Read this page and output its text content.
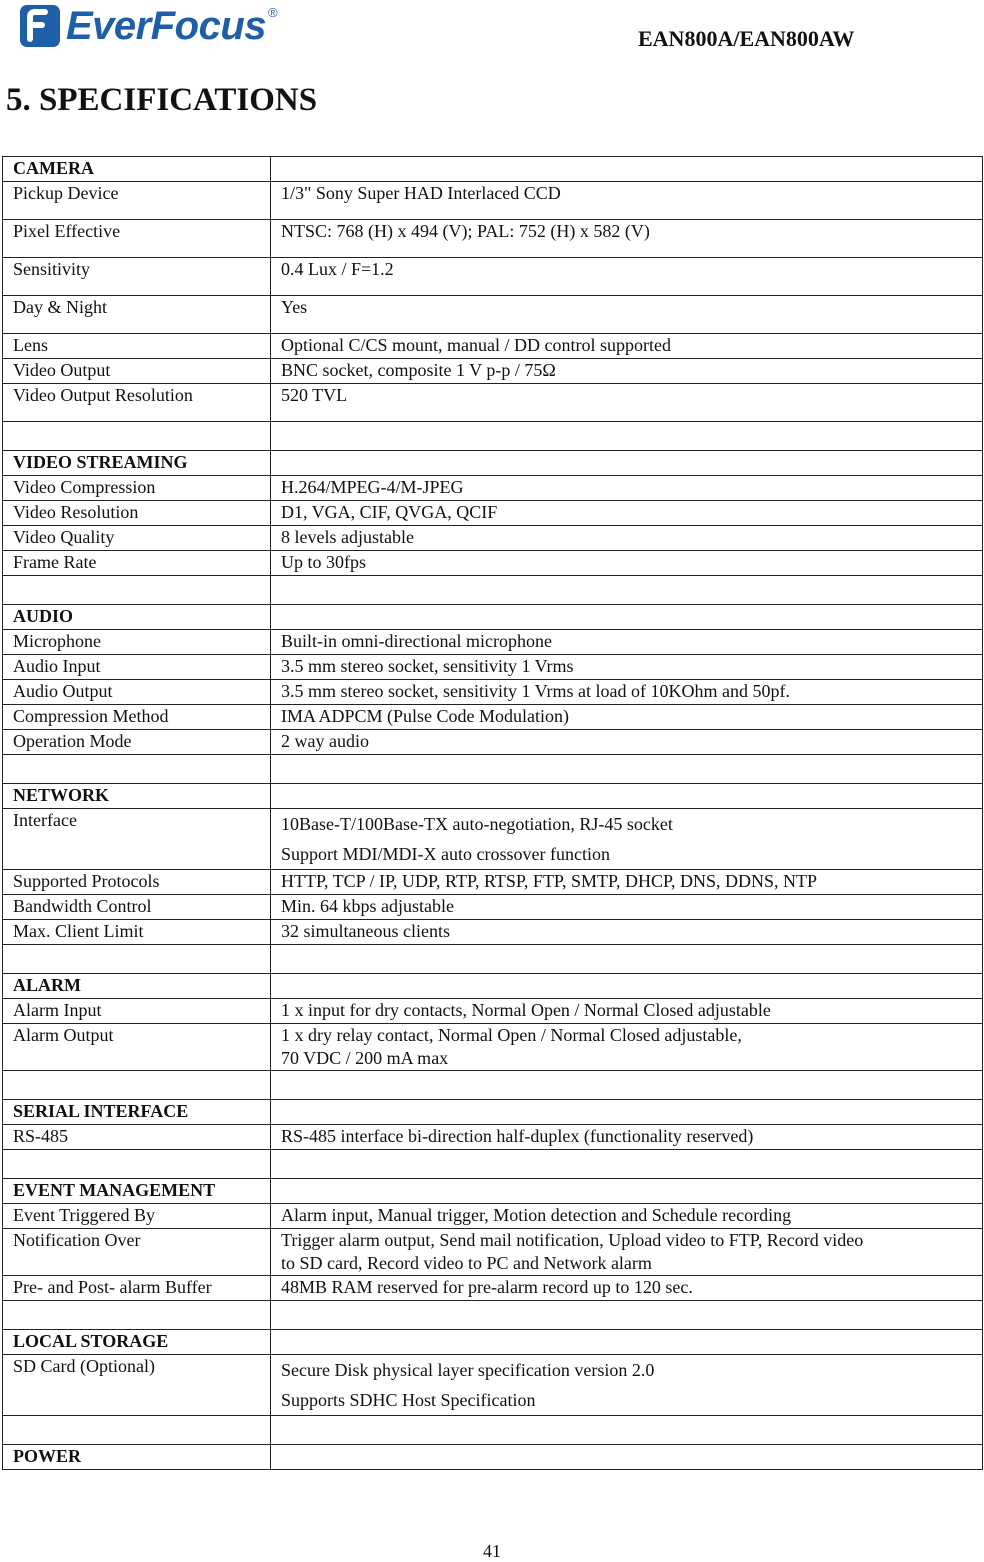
EverFocus ®
EAN800A/EAN800AW
5. SPECIFICATIONS
CAMERA	
Pickup Device	1/3" Sony Super HAD Interlaced CCD
Pixel Effective	NTSC: 768 (H) x 494 (V); PAL: 752 (H) x 582 (V)
Sensitivity	0.4 Lux / F=1.2
Day & Night	Yes
Lens	Optional C/CS mount, manual / DD control supported
Video Output	BNC socket, composite 1 V p-p / 75Ω
Video Output Resolution	520 TVL

VIDEO STREAMING	
Video Compression	H.264/MPEG-4/M-JPEG
Video Resolution	D1, VGA, CIF, QVGA, QCIF
Video Quality	8 levels adjustable
Frame Rate	Up to 30fps

AUDIO	
Microphone	Built-in omni-directional microphone
Audio Input	3.5 mm stereo socket, sensitivity 1 Vrms
Audio Output	3.5 mm stereo socket, sensitivity 1 Vrms at load of 10KOhm and 50pf.
Compression Method	IMA ADPCM (Pulse Code Modulation)
Operation Mode	2 way audio

NETWORK	
Interface	10Base-T/100Base-TX auto-negotiation, RJ-45 socket
Support MDI/MDI-X auto crossover function

Supported Protocols	HTTP, TCP / IP, UDP, RTP, RTSP, FTP, SMTP, DHCP, DNS, DDNS, NTP
Bandwidth Control	Min. 64 kbps adjustable
Max. Client Limit	32 simultaneous clients

ALARM	
Alarm Input	1 x input for dry contacts, Normal Open / Normal Closed adjustable
Alarm Output	1 x dry relay contact, Normal Open / Normal Closed adjustable,
70 VDC / 200 mA max

SERIAL INTERFACE	
RS-485	RS-485 interface bi-direction half-duplex (functionality reserved)

EVENT MANAGEMENT	
Event Triggered By	Alarm input, Manual trigger, Motion detection and Schedule recording
Notification Over	Trigger alarm output, Send mail notification, Upload video to FTP, Record video
to SD card, Record video to PC and Network alarm

Pre- and Post- alarm Buffer	48MB RAM reserved for pre-alarm record up to 120 sec.

LOCAL STORAGE	
SD Card (Optional)	Secure Disk physical layer specification version 2.0
Supports SDHC Host Specification

POWER	
41
